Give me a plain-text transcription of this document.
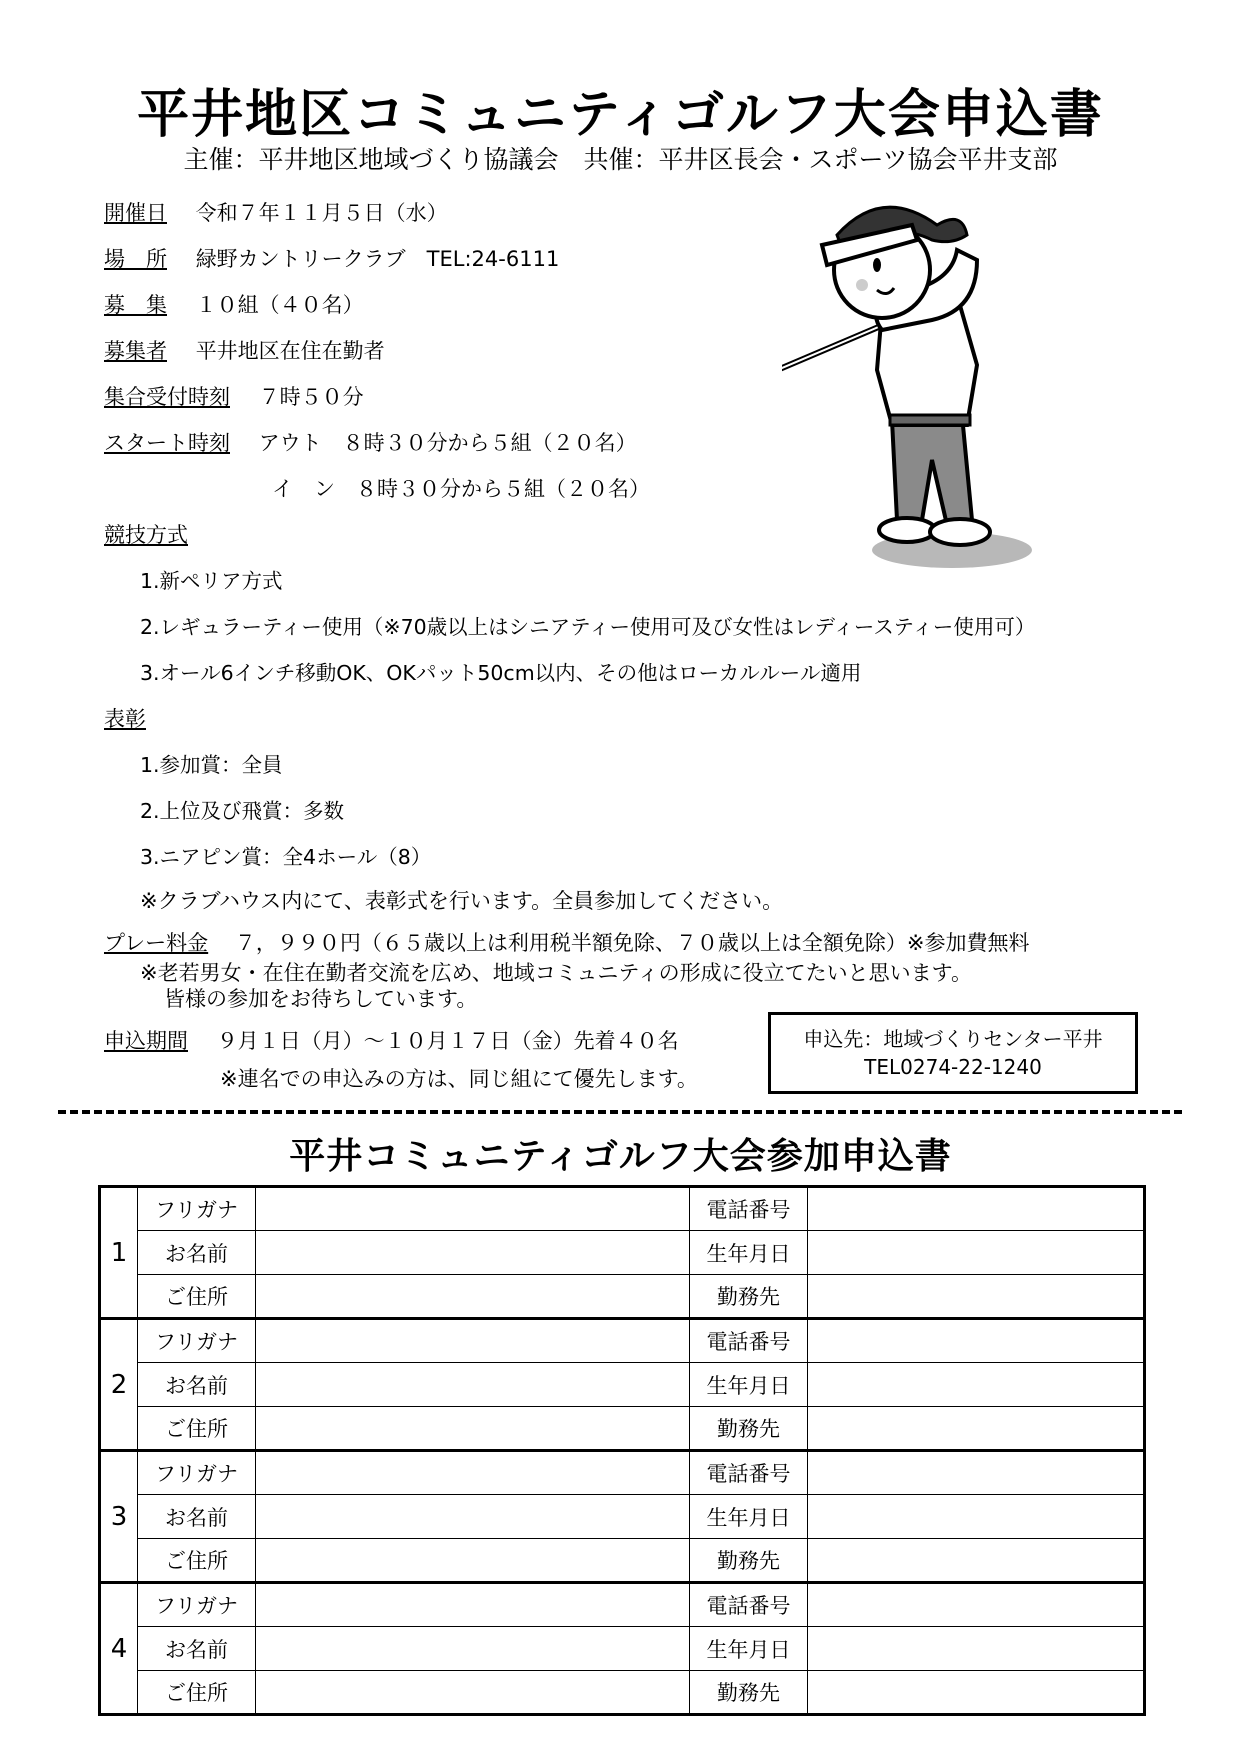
平井地区コミュニティゴルフ大会申込書
主催：平井地区地域づくり協議会　共催：平井区長会・スポーツ協会平井支部
開催日 令和７年１１月５日（水）
場　所 緑野カントリークラブ　TEL:24-6111
募　集 １０組（４０名）
募集者 平井地区在住在勤者
集合受付時刻 ７時５０分
スタート時刻 アウト　８時３０分から５組（２０名）
イ　ン　８時３０分から５組（２０名）
競技方式
1.新ペリア方式
2.レギュラーティー使用（※70歳以上はシニアティー使用可及び女性はレディースティー使用可）
3.オール6インチ移動OK、OKパット50cm以内、その他はローカルルール適用
表彰
1.参加賞：全員
2.上位及び飛賞：多数
3.ニアピン賞：全4ホール（8）
※クラブハウス内にて、表彰式を行います。全員参加してください。
プレー料金 ７，９９０円（６５歳以上は利用税半額免除、７０歳以上は全額免除）※参加費無料
※老若男女・在住在勤者交流を広め、地域コミュニティの形成に役立てたいと思います。
皆様の参加をお待ちしています。
申込期間 ９月１日（月）～１０月１７日（金）先着４０名
※連名での申込みの方は、同じ組にて優先します。
申込先：地域づくりセンター平井
TEL0274-22-1240
平井コミュニティゴルフ大会参加申込書
1	フリガナ		電話番号	
	お名前		生年月日	
	ご住所		勤務先	
2	フリガナ		電話番号	
	お名前		生年月日	
	ご住所		勤務先	
3	フリガナ		電話番号	
	お名前		生年月日	
	ご住所		勤務先	
4	フリガナ		電話番号	
	お名前		生年月日	
	ご住所		勤務先	
